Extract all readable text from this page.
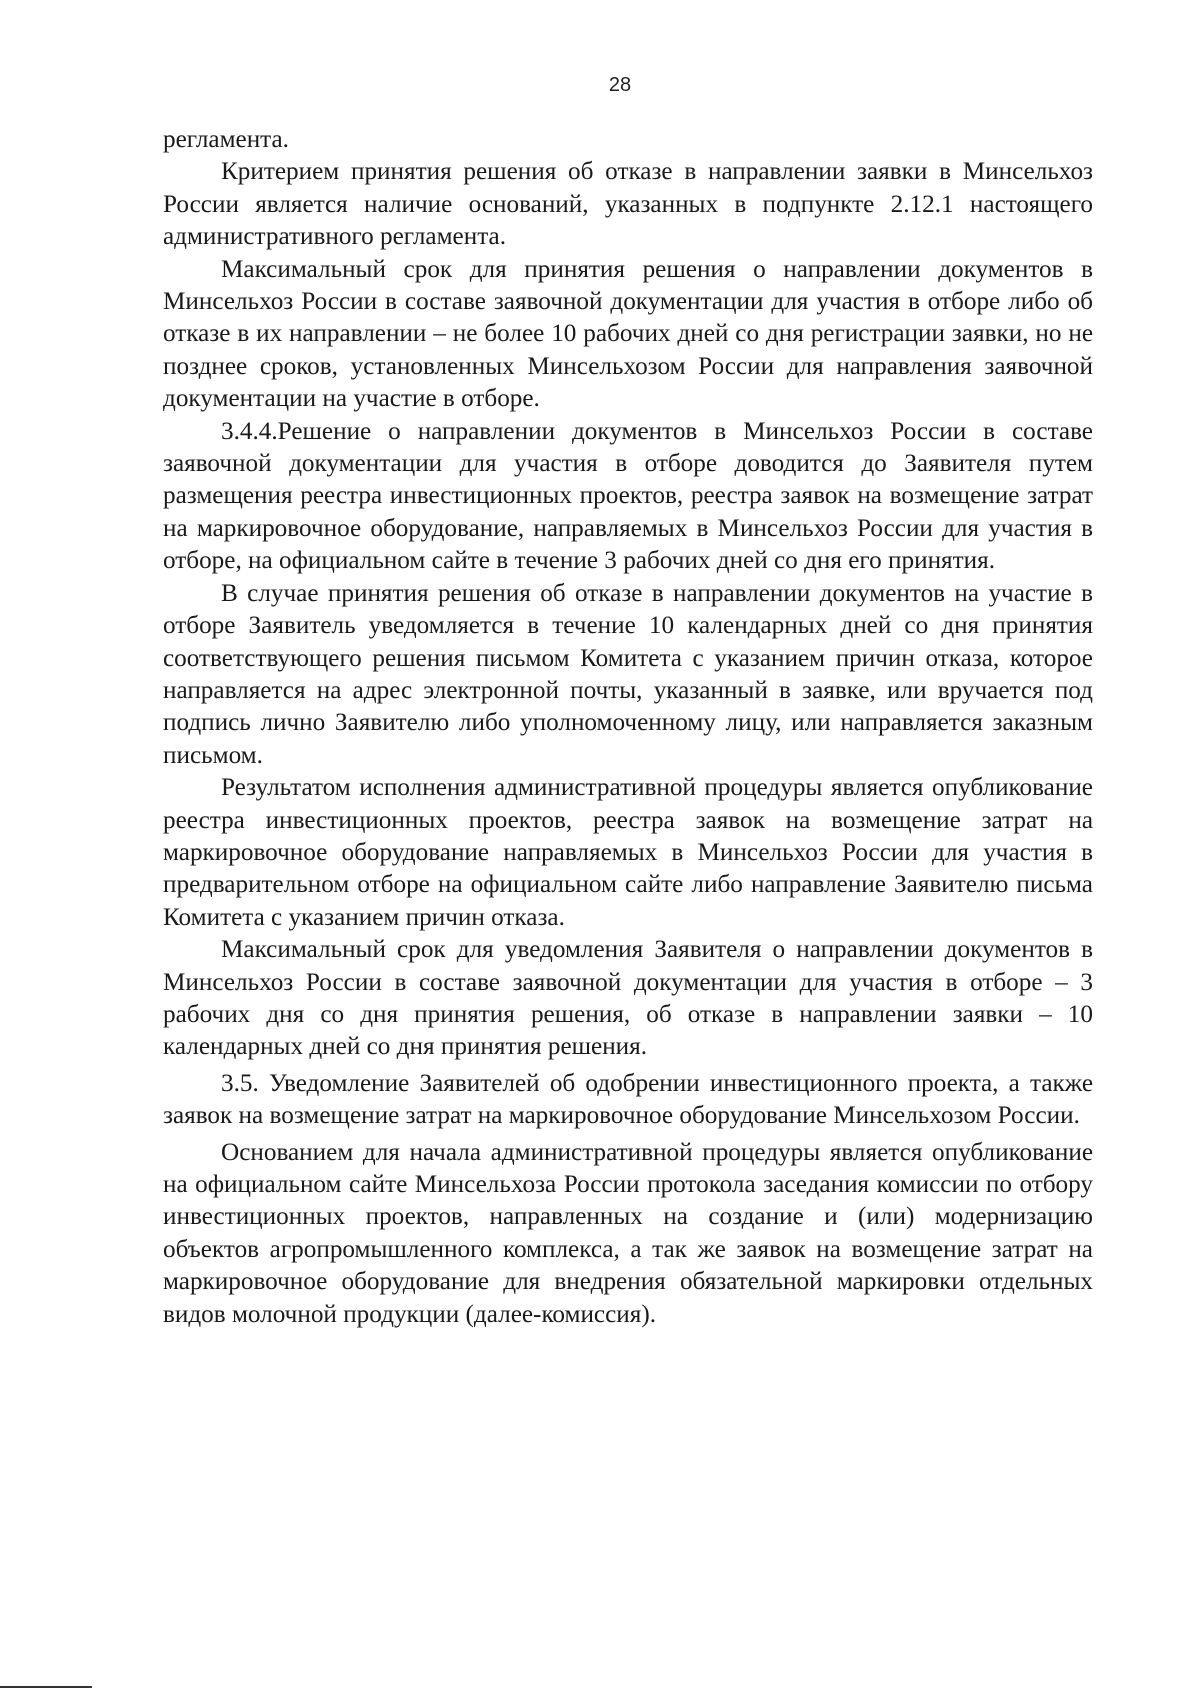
28

регламента.

Критерием принятия решения об отказе в направлении заявки в Минсельхоз России является наличие оснований, указанных в подпункте 2.12.1 настоящего административного регламента.

Максимальный срок для принятия решения о направлении документов в Минсельхоз России в составе заявочной документации для участия в отборе либо об отказе в их направлении – не более 10 рабочих дней со дня регистрации заявки, но не позднее сроков, установленных Минсельхозом России для направления заявочной документации на участие в отборе.

3.4.4.Решение о направлении документов в Минсельхоз России в составе заявочной документации для участия в отборе доводится до Заявителя путем размещения реестра инвестиционных проектов, реестра заявок на возмещение затрат на маркировочное оборудование, направляемых в Минсельхоз России для участия в отборе, на официальном сайте в течение 3 рабочих дней со дня его принятия.

В случае принятия решения об отказе в направлении документов на участие в отборе Заявитель уведомляется в течение 10 календарных дней со дня принятия соответствующего решения письмом Комитета с указанием причин отказа, которое направляется на адрес электронной почты, указанный в заявке, или вручается под подпись лично Заявителю либо уполномоченному лицу, или направляется заказным письмом.

Результатом исполнения административной процедуры является опубликование реестра инвестиционных проектов, реестра заявок на возмещение затрат на маркировочное оборудование направляемых в Минсельхоз России для участия в предварительном отборе на официальном сайте либо направление Заявителю письма Комитета с указанием причин отказа.

Максимальный срок для уведомления Заявителя о направлении документов в Минсельхоз России в составе заявочной документации для участия в отборе – 3 рабочих дня со дня принятия решения, об отказе в направлении заявки – 10 календарных дней со дня принятия решения.

3.5. Уведомление Заявителей об одобрении инвестиционного проекта, а также заявок на возмещение затрат на маркировочное оборудование Минсельхозом России.

Основанием для начала административной процедуры является опубликование на официальном сайте Минсельхоза России протокола заседания комиссии по отбору инвестиционных проектов, направленных на создание и (или) модернизацию объектов агропромышленного комплекса, а так же заявок на возмещение затрат на маркировочное оборудование для внедрения обязательной маркировки отдельных видов молочной продукции (далее-комиссия).
